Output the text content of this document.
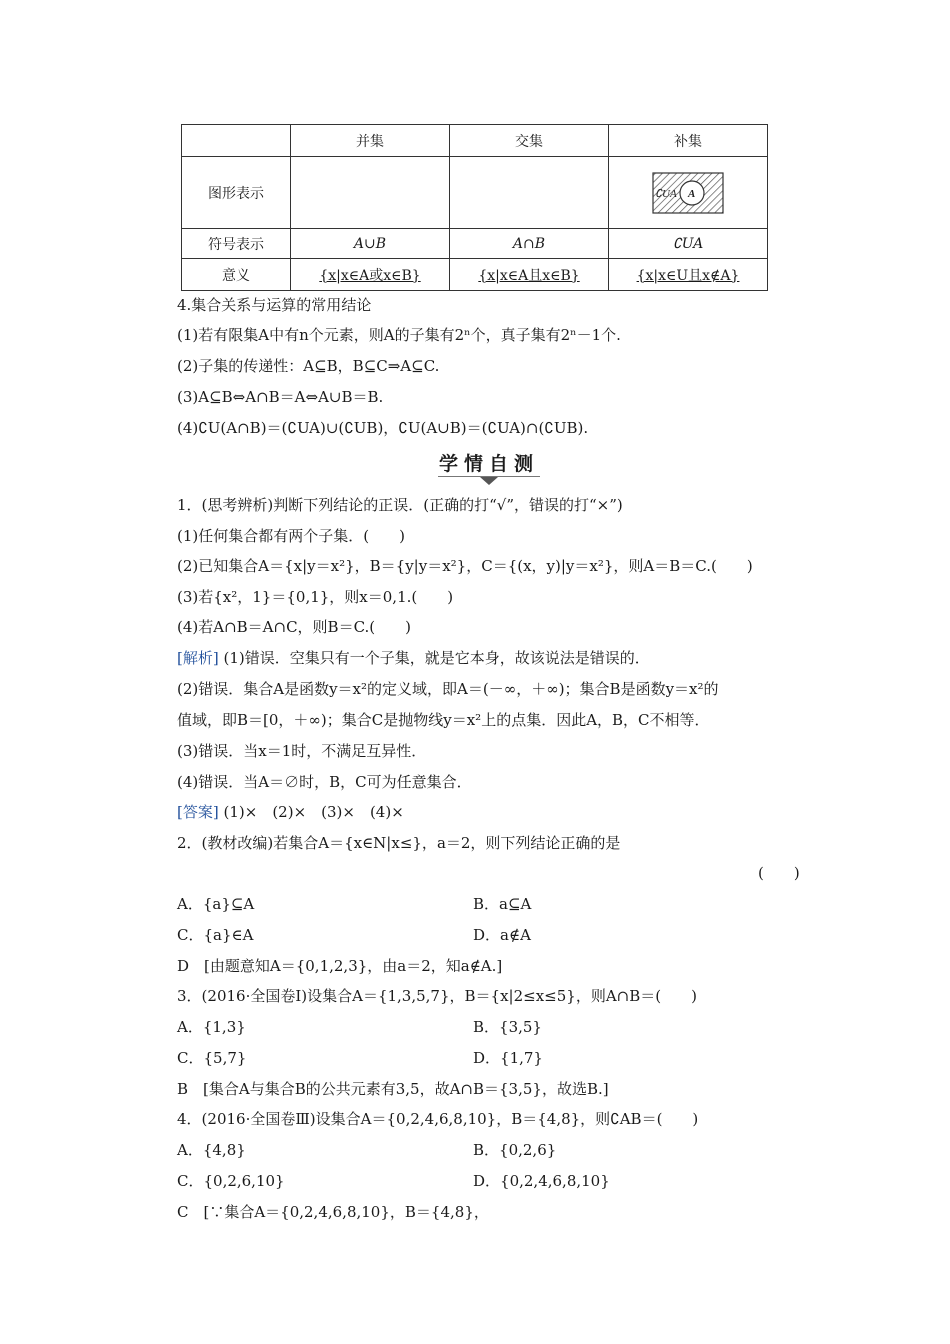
	并集	交集	补集
图形表示			∁UA A

符号表示	A∪B	A∩B	∁UA
意义	{x|x∈A或x∈B}	{x|x∈A且x∈B}	{x|x∈U且x∉A}
4.集合关系与运算的常用结论
(1)若有限集A中有n个元素，则A的子集有2ⁿ个，真子集有2ⁿ－1个.
(2)子集的传递性：A⊆B，B⊆C⇒A⊆C.
(3)A⊆B⇔A∩B＝A⇔A∪B＝B.
(4)∁U(A∩B)＝(∁UA)∪(∁UB)，∁U(A∪B)＝(∁UA)∩(∁UB).
学情自测
1．(思考辨析)判断下列结论的正误．(正确的打“√”，错误的打“×”)
(1)任何集合都有两个子集．(　　)
(2)已知集合A＝{x|y＝x²}，B＝{y|y＝x²}，C＝{(x，y)|y＝x²}，则A＝B＝C.(　　)
(3)若{x²，1}＝{0,1}，则x＝0,1.(　　)
(4)若A∩B＝A∩C，则B＝C.(　　)
[解析] (1)错误．空集只有一个子集，就是它本身，故该说法是错误的．
(2)错误．集合A是函数y＝x²的定义域，即A＝(－∞，＋∞)；集合B是函数y＝x²的
值域，即B＝[0，＋∞)；集合C是抛物线y＝x²上的点集．因此A，B，C不相等．
(3)错误．当x＝1时，不满足互异性．
(4)错误．当A＝∅时，B，C可为任意集合．
[答案] (1)×　(2)×　(3)×　(4)×
2．(教材改编)若集合A＝{x∈N|x≤}，a＝2，则下列结论正确的是
(　　)
A．{a}⊆A	B．a⊆A
C．{a}∈A	D．a∉A
D　[由题意知A＝{0,1,2,3}，由a＝2，知a∉A.]
3．(2016·全国卷Ⅰ)设集合A＝{1,3,5,7}，B＝{x|2≤x≤5}，则A∩B＝(　　)
A．{1,3}	B．{3,5}
C．{5,7}	D．{1,7}
B　[集合A与集合B的公共元素有3,5，故A∩B＝{3,5}，故选B.]
4．(2016·全国卷Ⅲ)设集合A＝{0,2,4,6,8,10}，B＝{4,8}，则∁AB＝(　　)
A．{4,8}	B．{0,2,6}
C．{0,2,6,10}	D．{0,2,4,6,8,10}
C　[∵集合A＝{0,2,4,6,8,10}，B＝{4,8}，
